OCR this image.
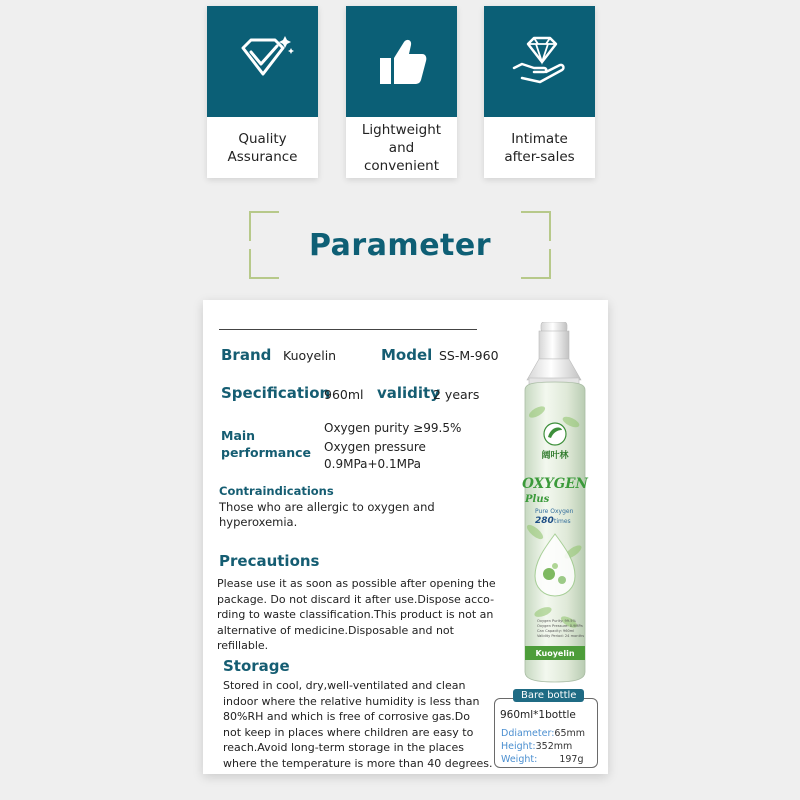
Quality
Assurance
Lightweight
and convenient
Intimate
after-sales
Parameter
Brand Kuoyelin	Model SS-M-960
Specification
960ml validity
2 years
Main
performance
Oxygen purity ≥99.5%
Oxygen pressure
0.9MPa+0.1MPa
Contraindications
Those who are allergic to oxygen and
hyperoxemia.
Precautions
Please use it as soon as possible after opening the
package. Do not discard it after use.Dispose acco-
rding to waste classification.This product is not an
alternative of medicine.Disposable and not
refillable.
Storage
Stored in cool, dry,well-ventilated and clean
indoor where the relative humidity is less than
80%RH and which is free of corrosive gas.Do
not keep in places where children are easy to
reach.Avoid long-term storage in the places
where the temperature is more than 40 degrees.
阔叶林
OXYGEN
Plus
Pure Oxygen
280 times
Oxygen Purity: 99.5%
Oxygen Pressure: 0.9MPa
Can Capacity: 960ml
Validity Period: 24 months
Kuoyelin
Bare bottle
960ml*1bottle
Ddiameter:65mm
Height:352mm
Weight: 197g
